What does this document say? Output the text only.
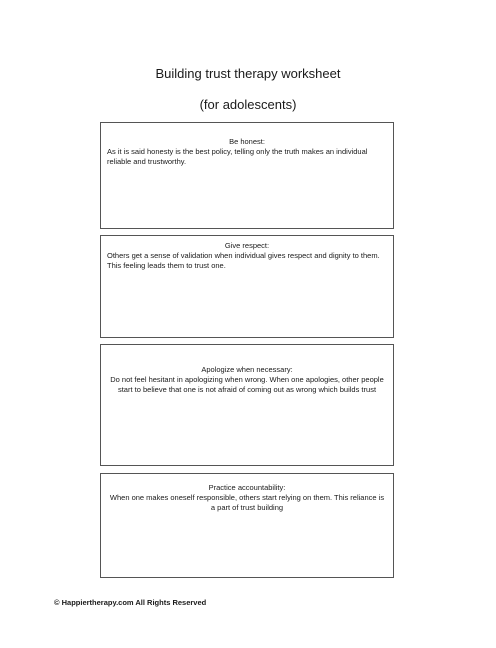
Building trust therapy worksheet
(for adolescents)
Be honest:
As it is said honesty is the best policy, telling only the truth makes an individual reliable and trustworthy.
Give respect:
Others get a sense of validation when individual gives respect and dignity to them. This feeling leads them to trust one.
Apologize when necessary:
Do not feel hesitant in apologizing when wrong. When one apologies, other people start to believe that one is not afraid of coming out as wrong which builds trust
Practice accountability:
When one makes oneself responsible, others start relying on them. This reliance is a part of trust building
© Happiertherapy.com All Rights Reserved
